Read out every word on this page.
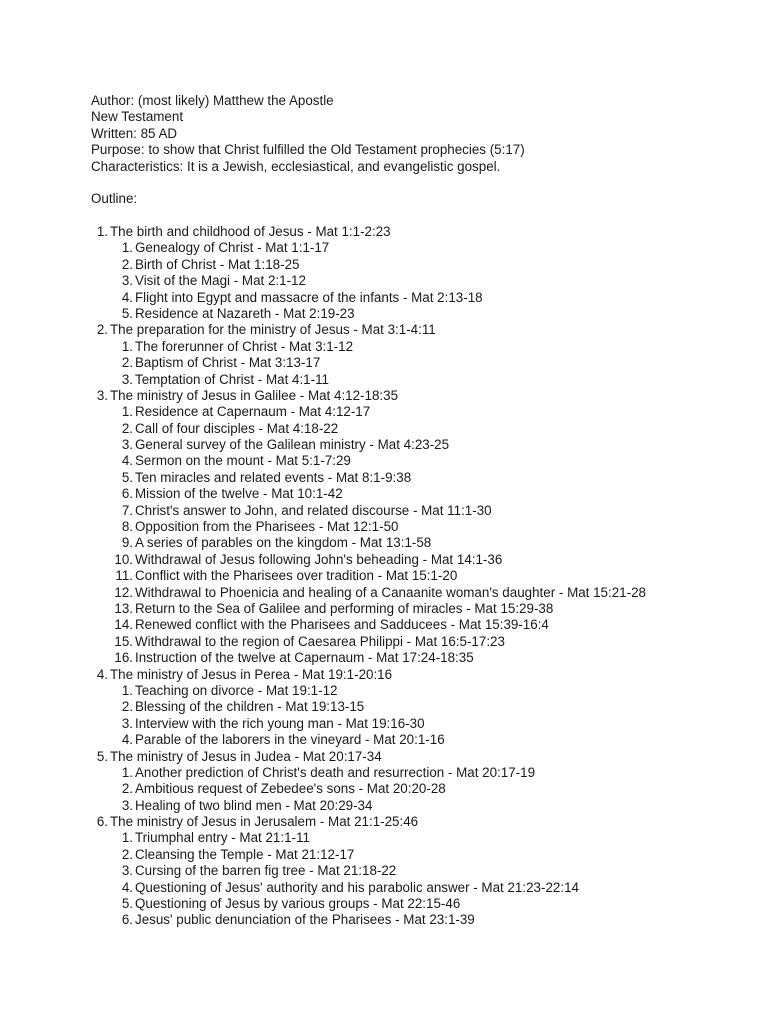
Author: (most likely) Matthew the Apostle
New Testament
Written: 85 AD
Purpose: to show that Christ fulfilled the Old Testament prophecies (5:17)
Characteristics: It is a Jewish, ecclesiastical, and evangelistic gospel.
Outline:
1. The birth and childhood of Jesus - Mat 1:1-2:23
1. Genealogy of Christ - Mat 1:1-17
2. Birth of Christ - Mat 1:18-25
3. Visit of the Magi - Mat 2:1-12
4. Flight into Egypt and massacre of the infants - Mat 2:13-18
5. Residence at Nazareth - Mat 2:19-23
2. The preparation for the ministry of Jesus - Mat 3:1-4:11
1. The forerunner of Christ - Mat 3:1-12
2. Baptism of Christ - Mat 3:13-17
3. Temptation of Christ - Mat 4:1-11
3. The ministry of Jesus in Galilee - Mat 4:12-18:35
1. Residence at Capernaum - Mat 4:12-17
2. Call of four disciples - Mat 4:18-22
3. General survey of the Galilean ministry - Mat 4:23-25
4. Sermon on the mount - Mat 5:1-7:29
5. Ten miracles and related events - Mat 8:1-9:38
6. Mission of the twelve - Mat 10:1-42
7. Christ's answer to John, and related discourse - Mat 11:1-30
8. Opposition from the Pharisees - Mat 12:1-50
9. A series of parables on the kingdom - Mat 13:1-58
10. Withdrawal of Jesus following John's beheading - Mat 14:1-36
11. Conflict with the Pharisees over tradition - Mat 15:1-20
12. Withdrawal to Phoenicia and healing of a Canaanite woman's daughter - Mat 15:21-28
13. Return to the Sea of Galilee and performing of miracles - Mat 15:29-38
14. Renewed conflict with the Pharisees and Sadducees - Mat 15:39-16:4
15. Withdrawal to the region of Caesarea Philippi - Mat 16:5-17:23
16. Instruction of the twelve at Capernaum - Mat 17:24-18:35
4. The ministry of Jesus in Perea - Mat 19:1-20:16
1. Teaching on divorce - Mat 19:1-12
2. Blessing of the children - Mat 19:13-15
3. Interview with the rich young man - Mat 19:16-30
4. Parable of the laborers in the vineyard - Mat 20:1-16
5. The ministry of Jesus in Judea - Mat 20:17-34
1. Another prediction of Christ's death and resurrection - Mat 20:17-19
2. Ambitious request of Zebedee's sons - Mat 20:20-28
3. Healing of two blind men - Mat 20:29-34
6. The ministry of Jesus in Jerusalem - Mat 21:1-25:46
1. Triumphal entry - Mat 21:1-11
2. Cleansing the Temple - Mat 21:12-17
3. Cursing of the barren fig tree - Mat 21:18-22
4. Questioning of Jesus' authority and his parabolic answer - Mat 21:23-22:14
5. Questioning of Jesus by various groups - Mat 22:15-46
6. Jesus' public denunciation of the Pharisees - Mat 23:1-39
